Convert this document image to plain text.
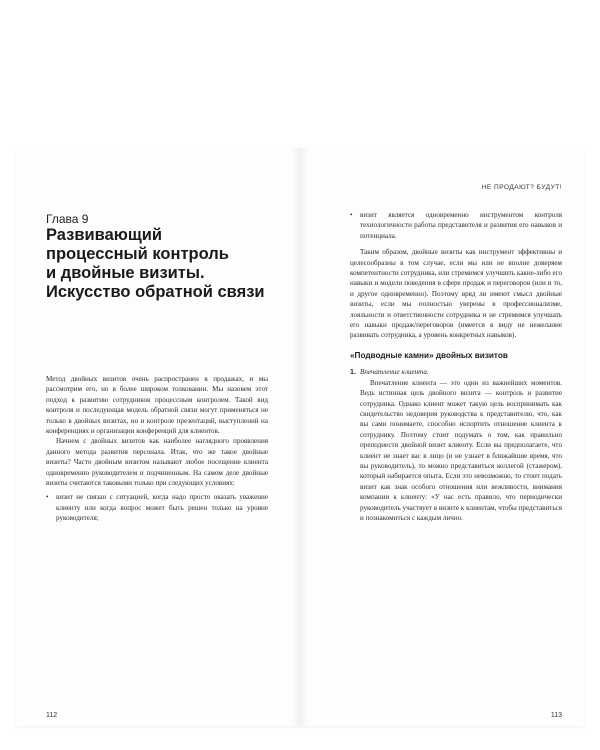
Глава 9
Развивающий
процессный контроль
и двойные визиты.
Искусство обратной связи

Метод двойных визитов очень распространен в продажах, и мы рассмотрим его, но в более широком толковании. Мы назовем этот подход к развитию сотрудников процессным контролем. Такой вид контроля и последующая модель обратной связи могут применяться не только в двойных визитах, но и контроле презентаций, выступлений на конференциях и организации конференций для клиентов.

Начнем с двойных визитов как наиболее наглядного проявления данного метода развития персонала. Итак, что же такое двойные визиты? Часто двойным визитом называют любое посещение клиента одновременно руководителем и подчиненным. На самом деле двойные визиты считаются таковыми только при следующих условиях:

• визит не связан с ситуацией, когда надо просто оказать уважение клиенту или когда вопрос может быть решен только на уровне руководителя;
112
НЕ ПРОДАЮТ? БУДУТ!
• визит является одновременно инструментом контроля технологичности работы представителя и развития его навыков и потенциала.

Таким образом, двойные визиты как инструмент эффективны и целесообразны в том случае, если мы или не вполне доверяем компетентности сотрудника, или стремимся улучшить какие-либо его навыки и модели поведения в сфере продаж и переговоров (или и то, и другое одновременно). Поэтому вряд ли имеют смысл двойные визиты, если мы полностью уверены в профессионализме, лояльности и ответственности сотрудника и не стремимся улучшать его навыки продаж/переговоров (имеется в виду не нежелание развивать сотрудника, а уровень конкретных навыков).

«Подводные камни» двойных визитов
1. Впечатление клиента.

Впечатление клиента — это один из важнейших моментов. Ведь истинная цель двойного визита — контроль и развитие сотрудника. Однако клиент может такую цель воспринимать как свидетельство недоверия руководства к представителю, что, как вы сами понимаете, способно испортить отношение клиента к сотруднику. Поэтому стоит подумать о том, как правильно преподнести двойной визит клиенту. Если вы предполагаете, что клиент не знает вас в лицо (и не узнает в ближайшие время, что вы руководитель), то можно представиться коллегой (стажером), который набирается опыта. Если это невозможно, то стоит подать визит как знак особого отношения или вежливости, внимания компании к клиенту: «У нас есть правило, что периодически руководитель участвует в визите к клиентам, чтобы представиться и познакомиться с каждым лично.

113
